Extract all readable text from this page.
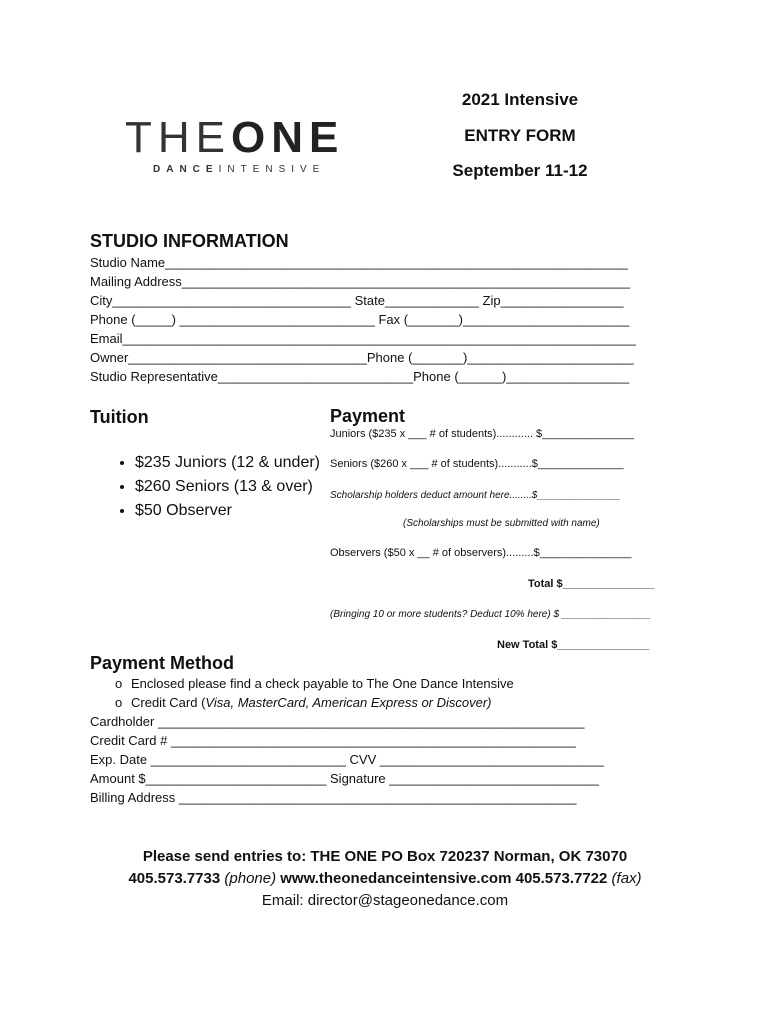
THEONE
DANCEINTENSIVE
2021 Intensive
ENTRY FORM
September 11-12
STUDIO INFORMATION
Studio Name________________________________________________________________
Mailing Address______________________________________________________________
City_________________________________ State_____________ Zip_________________
Phone (_____) ___________________________ Fax (_______)_______________________
Email_______________________________________________________________________
Owner_________________________________Phone (_______)_______________________
Studio Representative___________________________Phone (______)_________________
Tuition
• $235 Juniors (12 & under)
• $260 Seniors (13 & over)
• $50 Observer
Payment
Juniors ($235 x ___ # of students)............ $_______________
Seniors ($260 x ___ # of students)...........$______________
Scholarship holders deduct amount here........$_______________
(Scholarships must be submitted with name)
Observers ($50 x __ # of observers).........$_______________
Total $_______________
(Bringing 10 or more students? Deduct 10% here) $ ________________
New Total $_______________
Payment Method
o Enclosed please find a check payable to The One Dance Intensive
o Credit Card (Visa, MasterCard, American Express or Discover)
Cardholder ___________________________________________________________
Credit Card # ________________________________________________________
Exp. Date ___________________________ CVV _______________________________
Amount $_________________________ Signature _____________________________
Billing Address _______________________________________________________
Please send entries to: THE ONE PO Box 720237 Norman, OK 73070
405.573.7733 (phone) www.theonedanceintensive.com 405.573.7722 (fax)
Email: director@stageonedance.com
